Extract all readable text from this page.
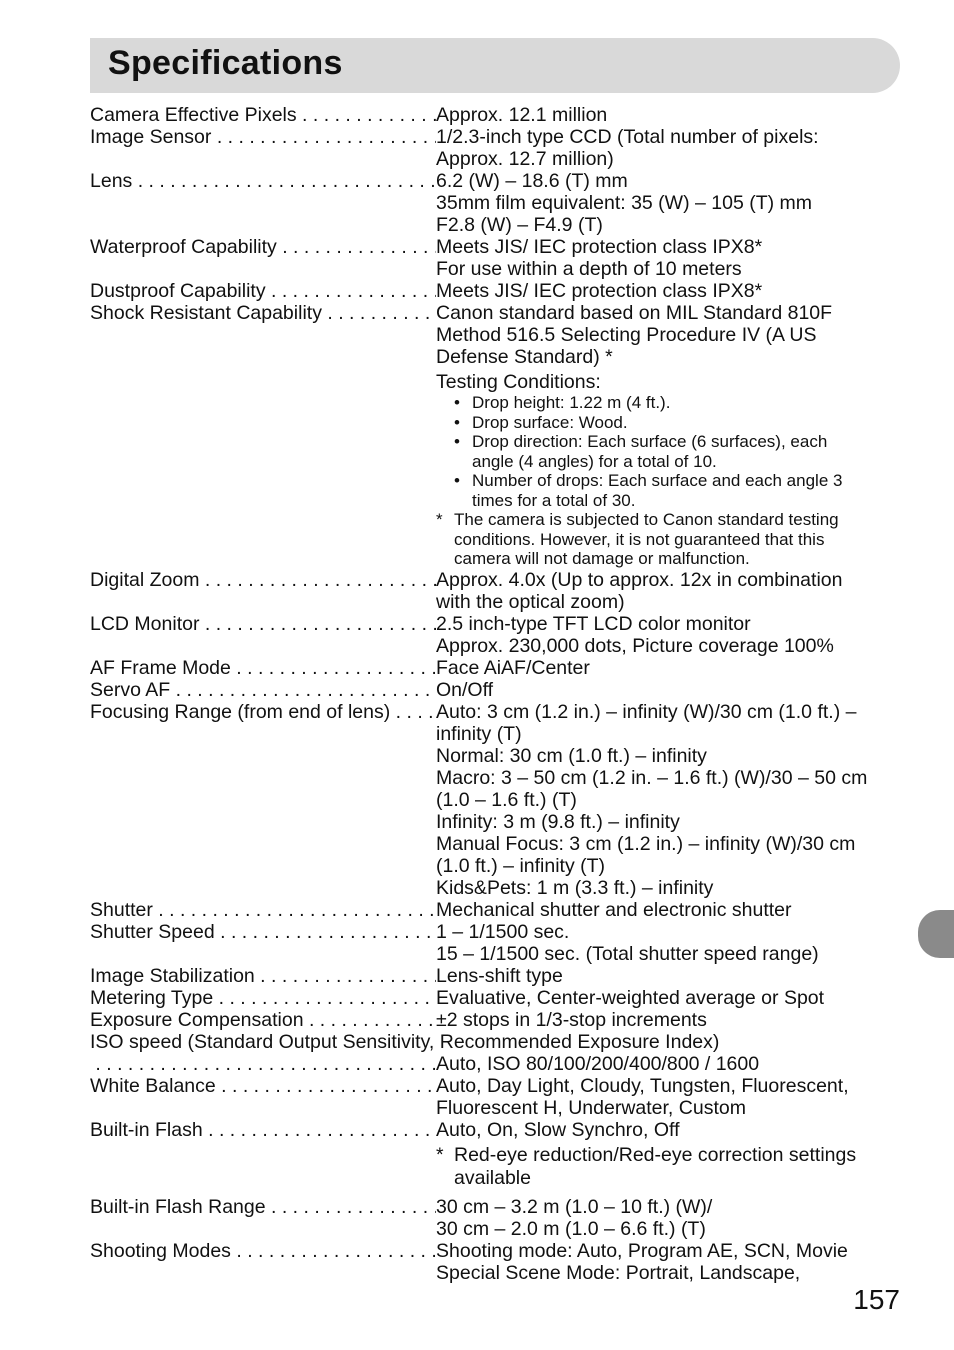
Specifications
Camera Effective Pixels . . .	Approx. 12.1 million
Image Sensor . . .	1/2.3-inch type CCD (Total number of pixels:
Approx. 12.7 million)
Lens . . .	6.2 (W) – 18.6 (T) mm
35mm film equivalent: 35 (W) – 105 (T) mm
F2.8 (W) – F4.9 (T)
Waterproof Capability . . .	Meets JIS/ IEC protection class IPX8*
For use within a depth of 10 meters
Dustproof Capability . . .	Meets JIS/ IEC protection class IPX8*
Shock Resistant Capability . . .	Canon standard based on MIL Standard 810F
Method 516.5 Selecting Procedure IV (A US
Defense Standard) *
Testing Conditions:
• Drop height: 1.22 m (4 ft.).
• Drop surface: Wood.
• Drop direction: Each surface (6 surfaces), each
angle (4 angles) for a total of 10.
• Number of drops: Each surface and each angle 3
times for a total of 30.
* The camera is subjected to Canon standard testing
conditions. However, it is not guaranteed that this
camera will not damage or malfunction.
Digital Zoom . . .	Approx. 4.0x (Up to approx. 12x in combination
with the optical zoom)
LCD Monitor . . .	2.5 inch-type TFT LCD color monitor
Approx. 230,000 dots, Picture coverage 100%
AF Frame Mode . . .	Face AiAF/Center
Servo AF . . .	On/Off
Focusing Range (from end of lens) . . .	Auto: 3 cm (1.2 in.) – infinity (W)/30 cm (1.0 ft.) –
infinity (T)
Normal: 30 cm (1.0 ft.) – infinity
Macro: 3 – 50 cm (1.2 in. – 1.6 ft.) (W)/30 – 50 cm
(1.0 – 1.6 ft.) (T)
Infinity: 3 m (9.8 ft.) – infinity
Manual Focus: 3 cm (1.2 in.) – infinity (W)/30 cm
(1.0 ft.) – infinity (T)
Kids&Pets: 1 m (3.3 ft.) – infinity
Shutter . . .	Mechanical shutter and electronic shutter
Shutter Speed . . .	1 – 1/1500 sec.
15 – 1/1500 sec. (Total shutter speed range)
Image Stabilization . . .	Lens-shift type
Metering Type . . .	Evaluative, Center-weighted average or Spot
Exposure Compensation . . .	±2 stops in 1/3-stop increments
ISO speed (Standard Output Sensitivity, Recommended Exposure Index)
. . .
Auto, ISO 80/100/200/400/800 / 1600
White Balance . . .	Auto, Day Light, Cloudy, Tungsten, Fluorescent,
Fluorescent H, Underwater, Custom
Built-in Flash . . .	Auto, On, Slow Synchro, Off
* Red-eye reduction/Red-eye correction settings
available
Built-in Flash Range . . .	30 cm – 3.2 m (1.0 – 10 ft.) (W)/
30 cm – 2.0 m (1.0 – 6.6 ft.) (T)
Shooting Modes . . .	Shooting mode: Auto, Program AE, SCN, Movie
Special Scene Mode: Portrait, Landscape,
157
